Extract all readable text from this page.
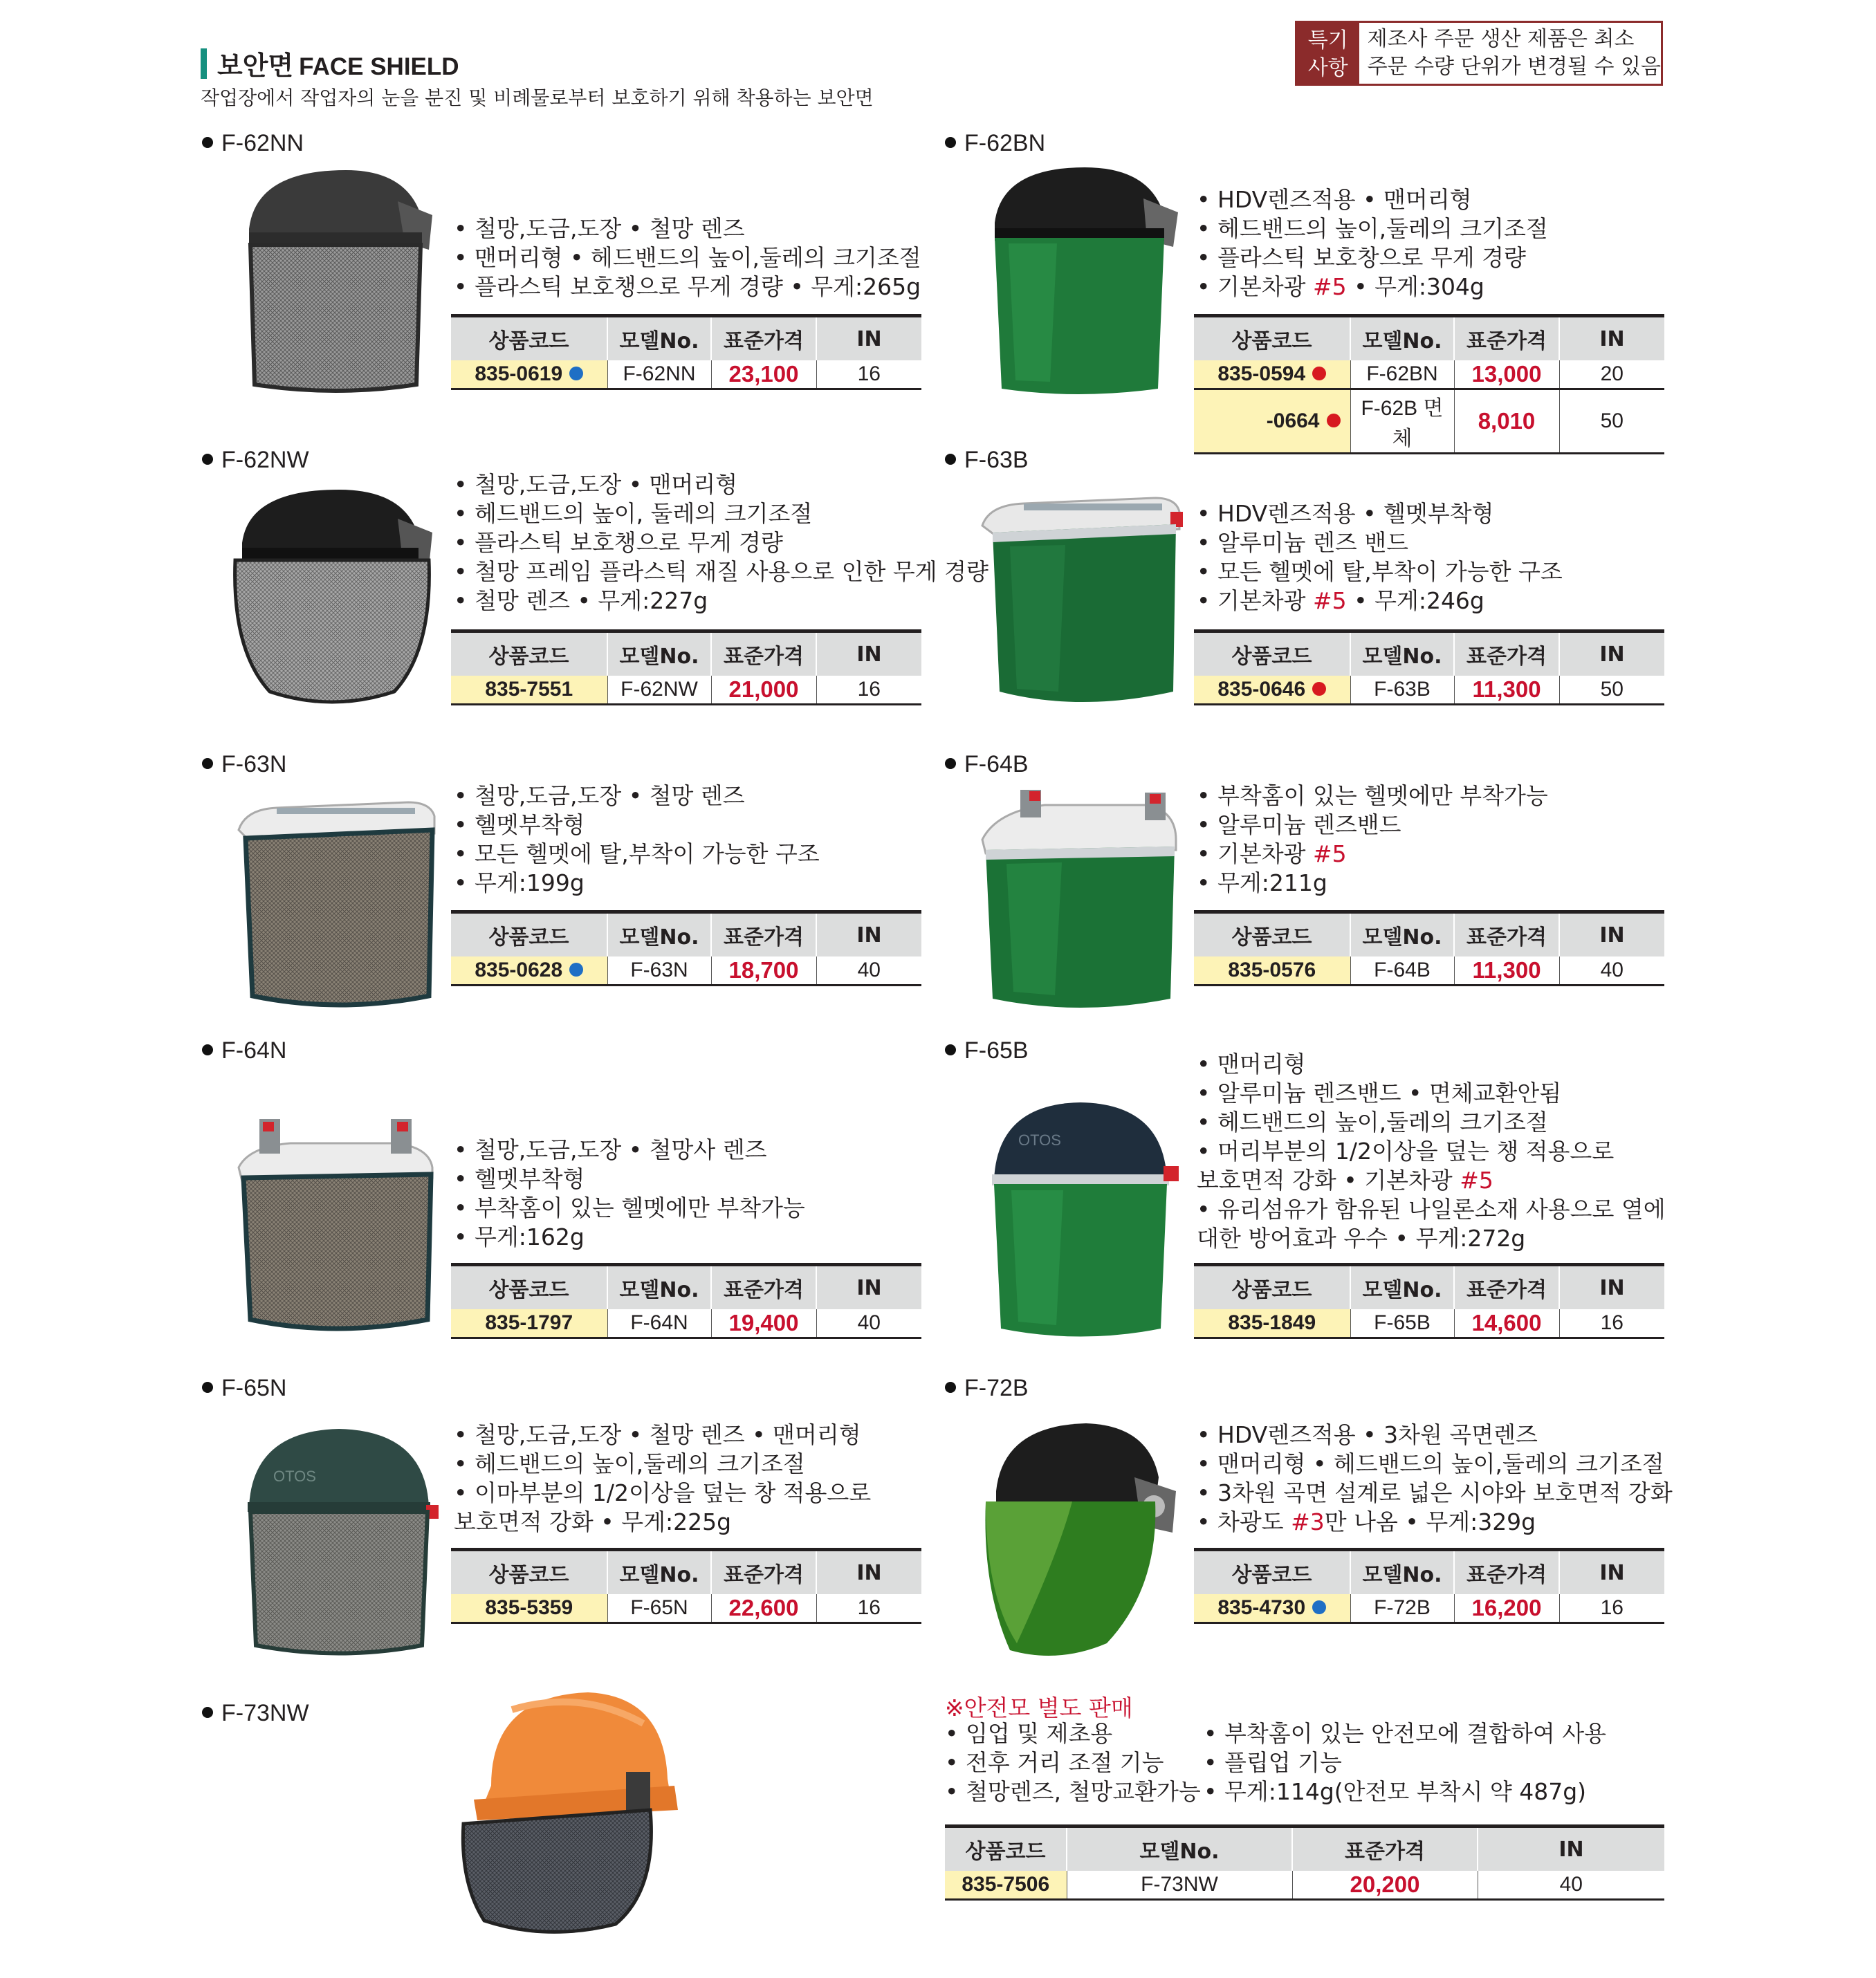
보안면 FACE SHIELD
작업장에서 작업자의 눈을 분진 및 비례물로부터 보호하기 위해 착용하는 보안면
특기
사항
제조사 주문 생산 제품은 최소
주문 수량 단위가 변경될 수 있음
F-62NN
• 철망,도금,도장 • 철망 렌즈
• 맨머리형 • 헤드밴드의 높이,둘레의 크기조절
• 플라스틱 보호챙으로 무게 경량 • 무게:265g
상품코드	모델No.	표준가격	IN
835-0619	F-62NN	23,100	16
F-62BN
• HDV렌즈적용 • 맨머리형
• 헤드밴드의 높이,둘레의 크기조절
• 플라스틱 보호창으로 무게 경량
• 기본차광 #5 • 무게:304g
상품코드	모델No.	표준가격	IN
835-0594	F-62BN	13,000	20
-0664	F-62B 면체	8,010	50
F-62NW
• 철망,도금,도장 • 맨머리형
• 헤드밴드의 높이, 둘레의 크기조절
• 플라스틱 보호챙으로 무게 경량
• 철망 프레임 플라스틱 재질 사용으로 인한 무게 경량
• 철망 렌즈 • 무게:227g
상품코드	모델No.	표준가격	IN
835-7551	F-62NW	21,000	16
F-63B
• HDV렌즈적용 • 헬멧부착형
• 알루미늄 렌즈 밴드
• 모든 헬멧에 탈,부착이 가능한 구조
• 기본차광 #5 • 무게:246g
상품코드	모델No.	표준가격	IN
835-0646	F-63B	11,300	50
F-63N
• 철망,도금,도장 • 철망 렌즈
• 헬멧부착형
• 모든 헬멧에 탈,부착이 가능한 구조
• 무게:199g
상품코드	모델No.	표준가격	IN
835-0628	F-63N	18,700	40
F-64B
• 부착홈이 있는 헬멧에만 부착가능
• 알루미늄 렌즈밴드
• 기본차광 #5
• 무게:211g
상품코드	모델No.	표준가격	IN
835-0576	F-64B	11,300	40
F-64N
• 철망,도금,도장 • 철망사 렌즈
• 헬멧부착형
• 부착홈이 있는 헬멧에만 부착가능
• 무게:162g
상품코드	모델No.	표준가격	IN
835-1797	F-64N	19,400	40
F-65B
OTOS
• 맨머리형
• 알루미늄 렌즈밴드 • 면체교환안됨
• 헤드밴드의 높이,둘레의 크기조절
• 머리부분의 1/2이상을 덮는 챙 적용으로
보호면적 강화 • 기본차광 #5
• 유리섬유가 함유된 나일론소재 사용으로 열에
대한 방어효과 우수 • 무게:272g
상품코드	모델No.	표준가격	IN
835-1849	F-65B	14,600	16
F-65N
OTOS
• 철망,도금,도장 • 철망 렌즈 • 맨머리형
• 헤드밴드의 높이,둘레의 크기조절
• 이마부분의 1/2이상을 덮는 창 적용으로
보호면적 강화 • 무게:225g
상품코드	모델No.	표준가격	IN
835-5359	F-65N	22,600	16
F-72B
• HDV렌즈적용 • 3차원 곡면렌즈
• 맨머리형 • 헤드밴드의 높이,둘레의 크기조절
• 3차원 곡면 설계로 넓은 시야와 보호면적 강화
• 차광도 #3만 나옴 • 무게:329g
상품코드	모델No.	표준가격	IN
835-4730	F-72B	16,200	16
F-73NW	※안전모 별도 판매
• 임업 및 제초용
• 전후 거리 조절 기능
• 철망렌즈, 철망교환가능
• 부착홈이 있는 안전모에 결합하여 사용
• 플립업 기능
• 무게:114g(안전모 부착시 약 487g)
상품코드	모델No.	표준가격	IN
835-7506	F-73NW	20,200	40
